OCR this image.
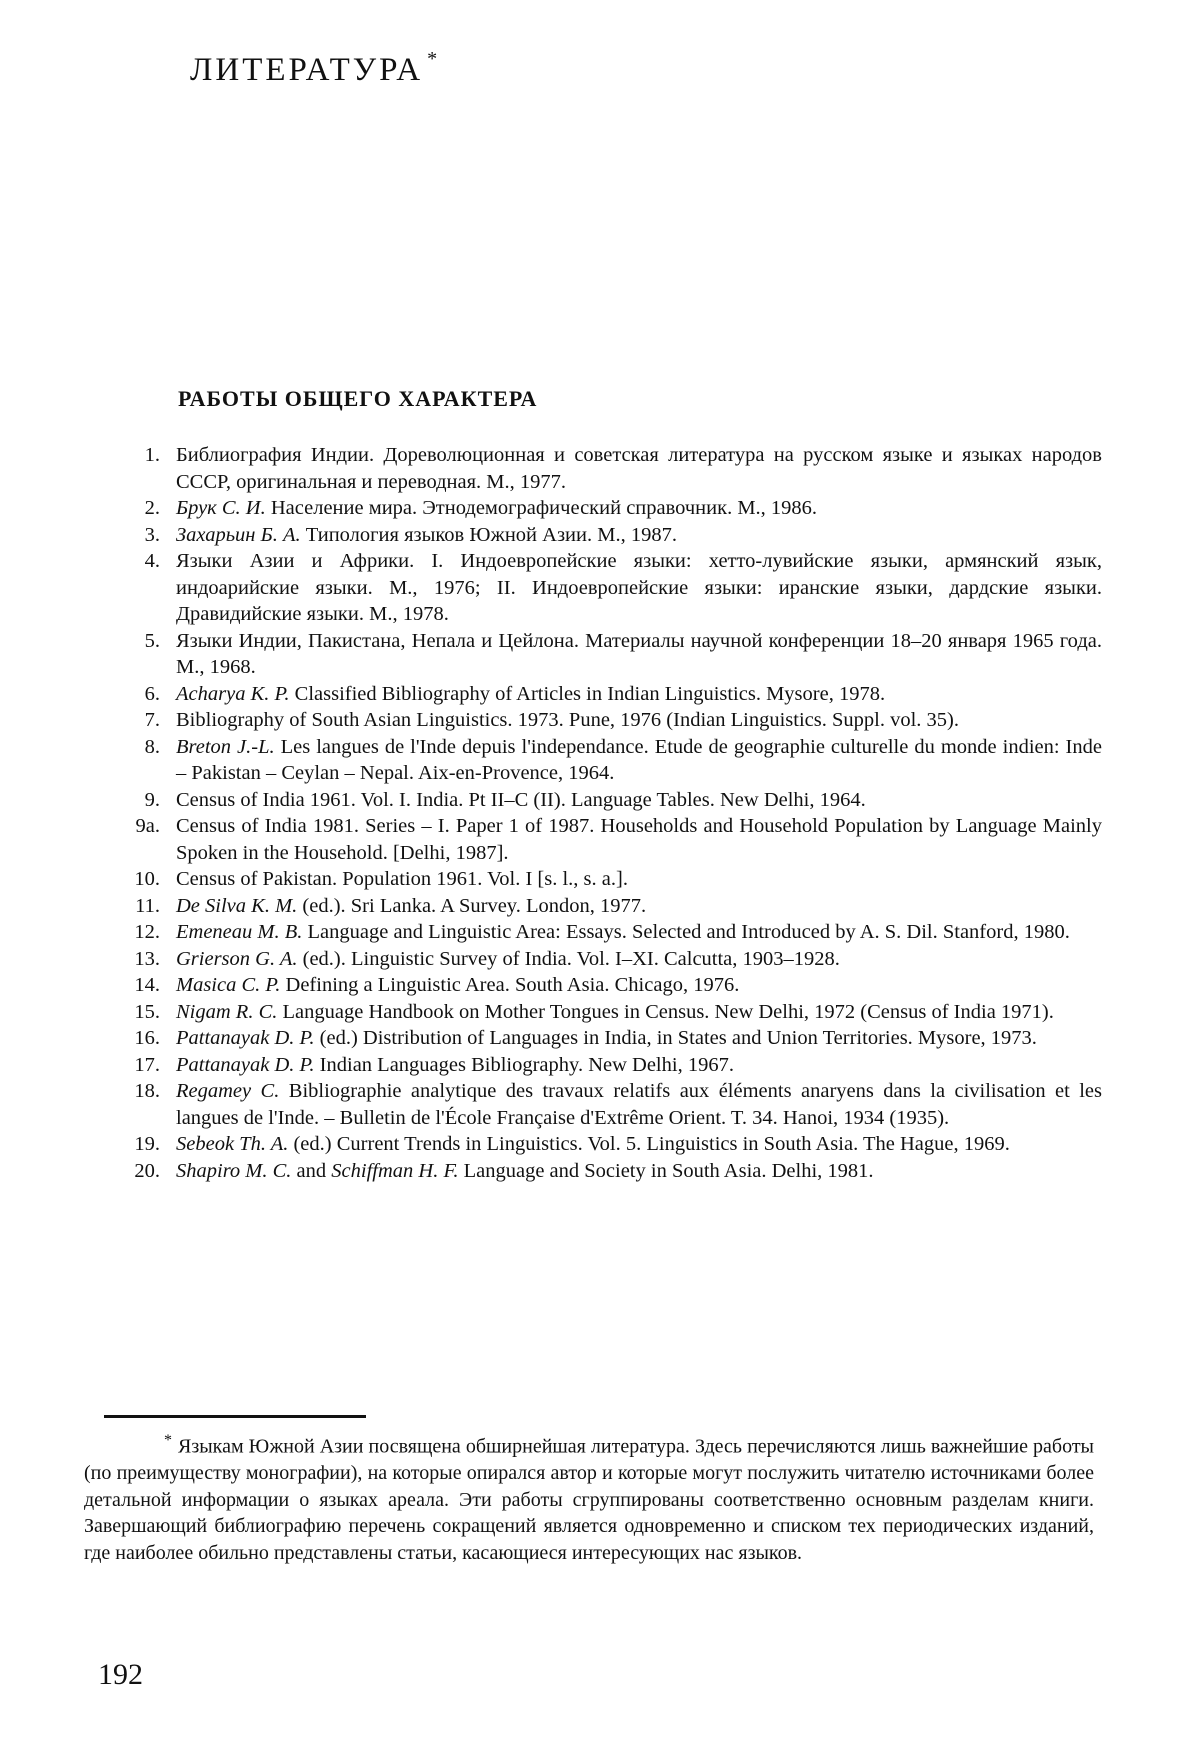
ЛИТЕРАТУРА *
РАБОТЫ ОБЩЕГО ХАРАКТЕРА
1. Библиография Индии. Дореволюционная и советская литература на русском языке и языках народов СССР, оригинальная и переводная. М., 1977.
2. Брук С. И. Население мира. Этнодемографический справочник. М., 1986.
3. Захарьин Б. А. Типология языков Южной Азии. М., 1987.
4. Языки Азии и Африки. I. Индоевропейские языки: хетто-лувийские языки, армянский язык, индоарийские языки. М., 1976; II. Индоевропейские языки: иранские языки, дардские языки. Дравидийские языки. М., 1978.
5. Языки Индии, Пакистана, Непала и Цейлона. Материалы научной конференции 18–20 января 1965 года. М., 1968.
6. Acharya K. P. Classified Bibliography of Articles in Indian Linguistics. Mysore, 1978.
7. Bibliography of South Asian Linguistics. 1973. Pune, 1976 (Indian Linguistics. Suppl. vol. 35).
8. Breton J.-L. Les langues de l'Inde depuis l'independance. Etude de geographie culturelle du monde indien: Inde – Pakistan – Ceylan – Nepal. Aix-en-Provence, 1964.
9. Census of India 1961. Vol. I. India. Pt II–C (II). Language Tables. New Delhi, 1964.
9a. Census of India 1981. Series – I. Paper 1 of 1987. Households and Household Population by Language Mainly Spoken in the Household. [Delhi, 1987].
10. Census of Pakistan. Population 1961. Vol. I [s. l., s. a.].
11. De Silva K. M. (ed.). Sri Lanka. A Survey. London, 1977.
12. Emeneau M. B. Language and Linguistic Area: Essays. Selected and Introduced by A. S. Dil. Stanford, 1980.
13. Grierson G. A. (ed.). Linguistic Survey of India. Vol. I–XI. Calcutta, 1903–1928.
14. Masica C. P. Defining a Linguistic Area. South Asia. Chicago, 1976.
15. Nigam R. C. Language Handbook on Mother Tongues in Census. New Delhi, 1972 (Census of India 1971).
16. Pattanayak D. P. (ed.) Distribution of Languages in India, in States and Union Territories. Mysore, 1973.
17. Pattanayak D. P. Indian Languages Bibliography. New Delhi, 1967.
18. Regamey C. Bibliographie analytique des travaux relatifs aux éléments anaryens dans la civilisation et les langues de l'Inde. – Bulletin de l'École Française d'Extrême Orient. T. 34. Hanoi, 1934 (1935).
19. Sebeok Th. A. (ed.) Current Trends in Linguistics. Vol. 5. Linguistics in South Asia. The Hague, 1969.
20. Shapiro M. C. and Schiffman H. F. Language and Society in South Asia. Delhi, 1981.

* Языкам Южной Азии посвящена обширнейшая литература. Здесь перечисляются лишь важнейшие работы (по преимуществу монографии), на которые опирался автор и которые могут послужить читателю источниками более детальной информации о языках ареала. Эти работы сгруппированы соответственно основным разделам книги. Завершающий библиографию перечень сокращений является одновременно и списком тех периодических изданий, где наиболее обильно представлены статьи, касающиеся интересующих нас языков.

192
